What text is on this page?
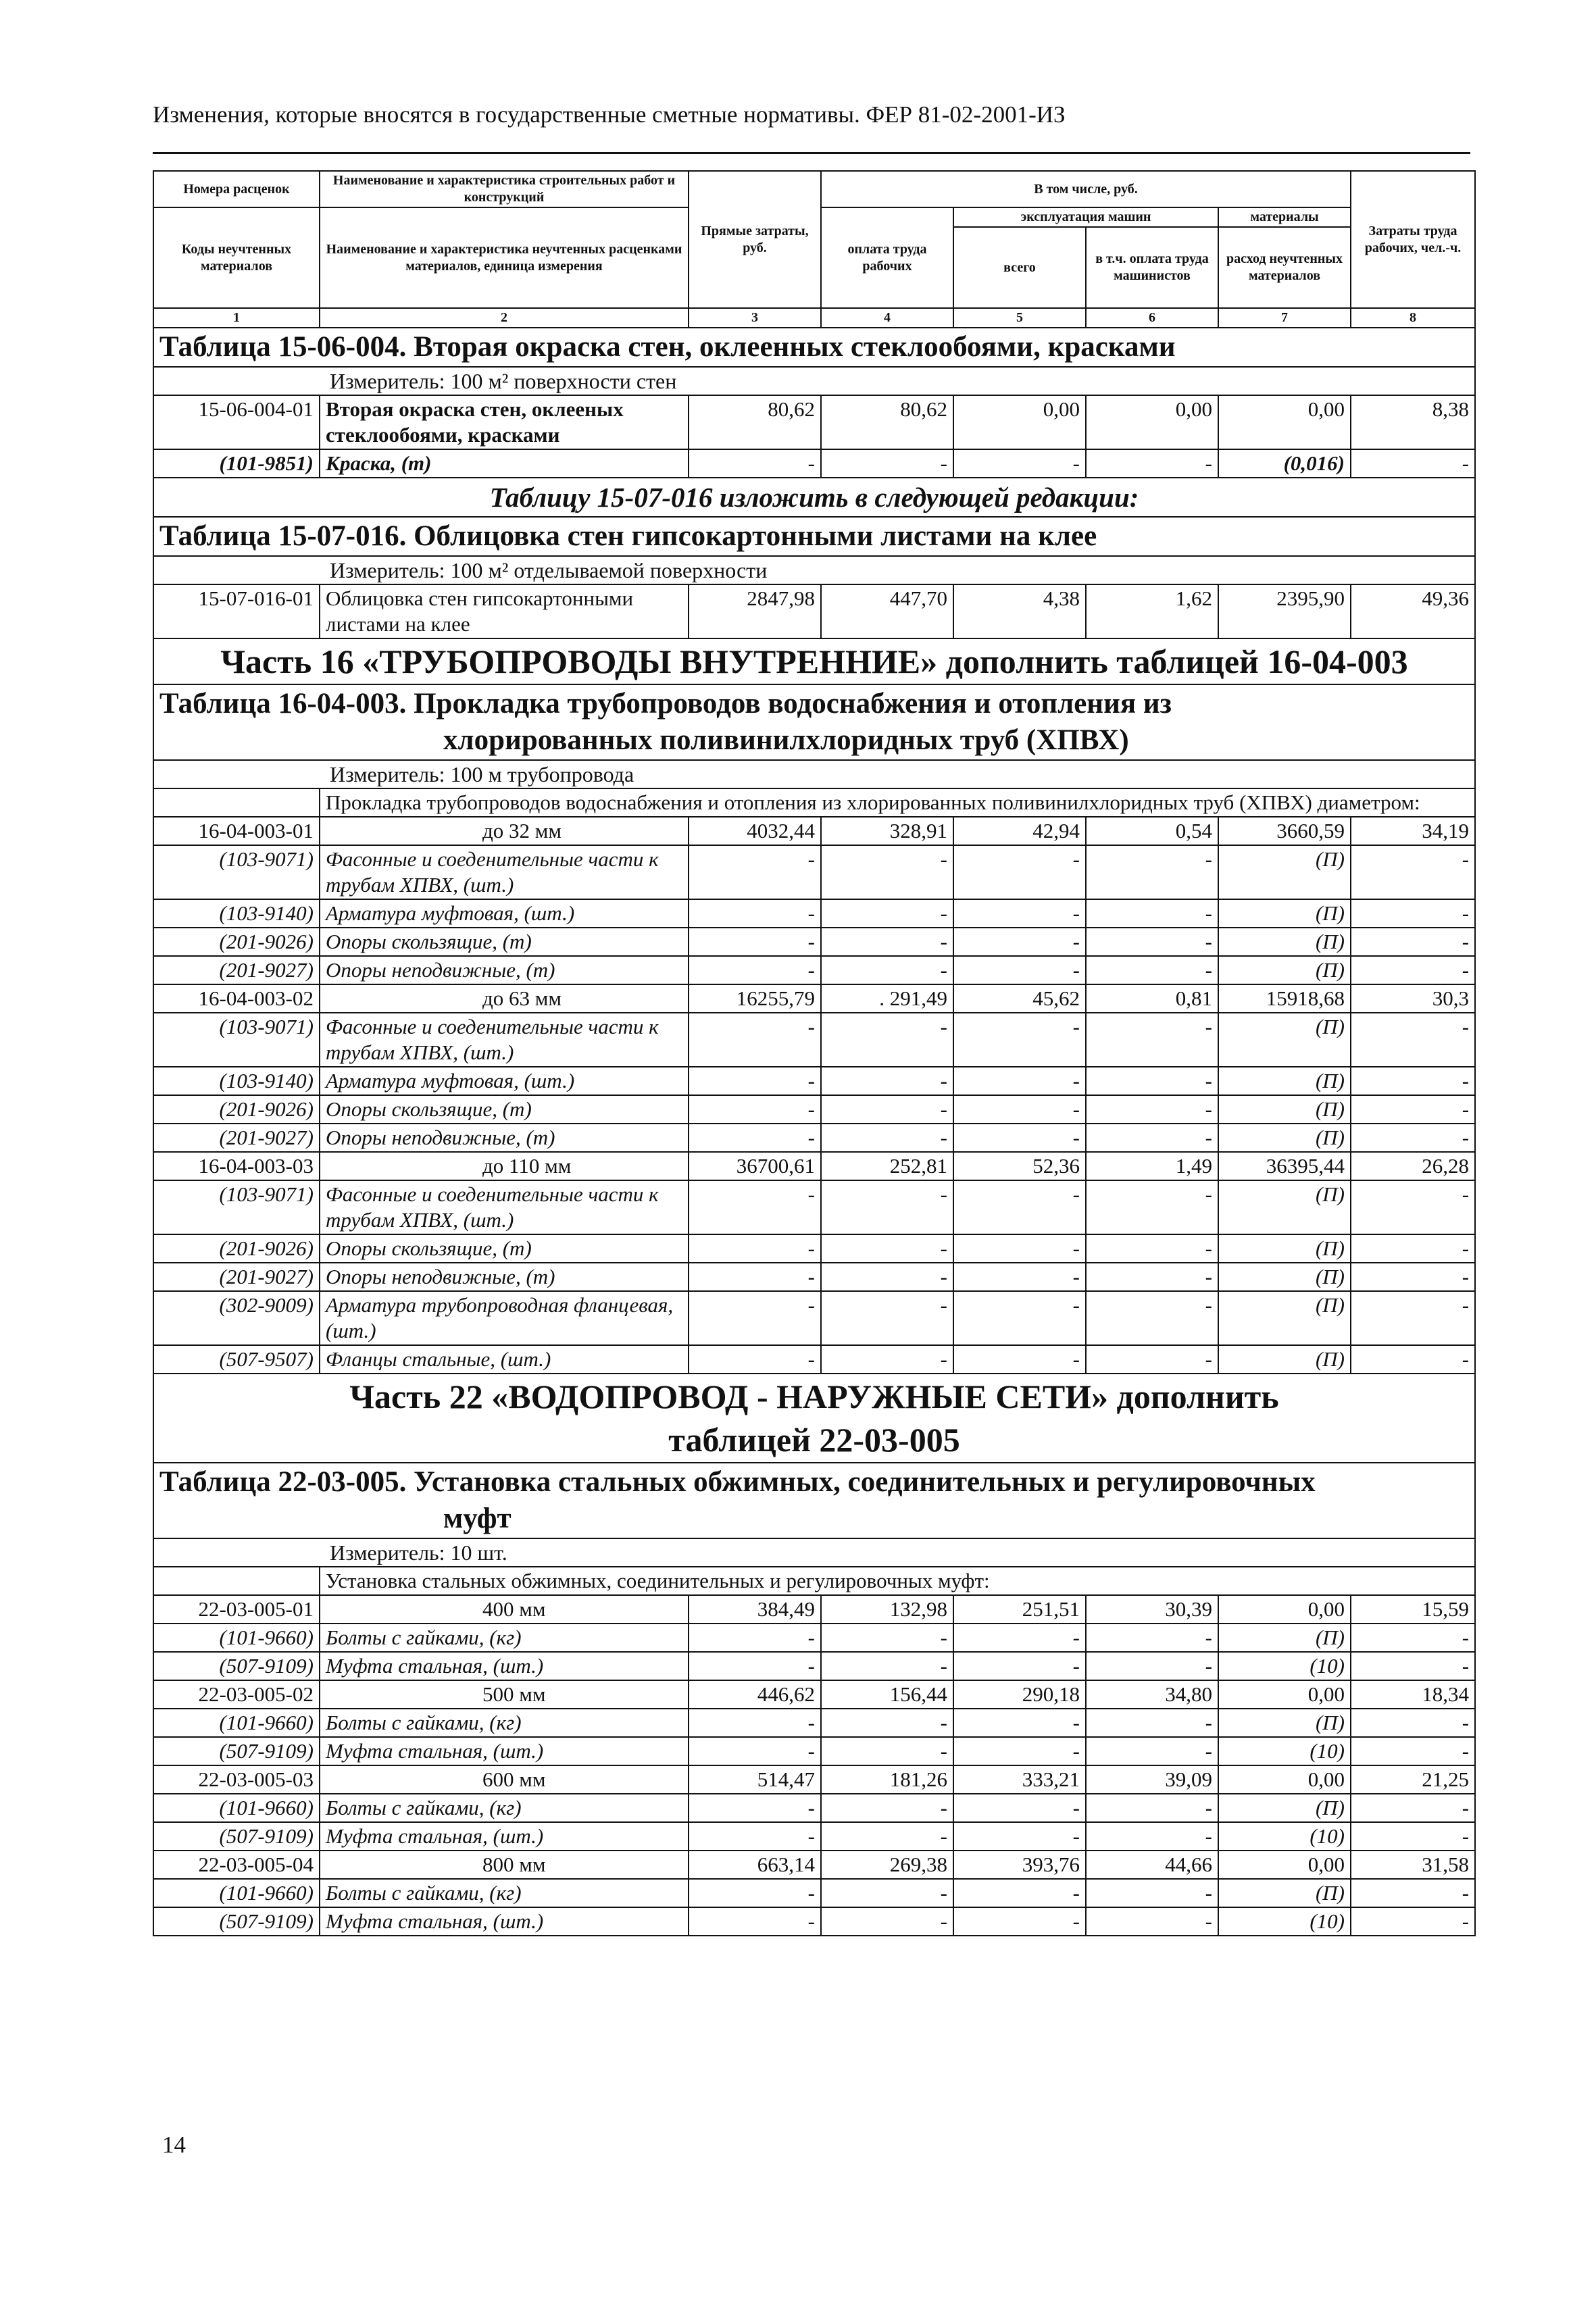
Изменения, которые вносятся в государственные сметные нормативы. ФЕР 81-02-2001-ИЗ
Номера расценок	Наименование и характеристика строительных работ и конструкций	Прямые затраты, руб.	В том числе, руб.				Затраты труда рабочих, чел.-ч.
Коды неучтенных материалов	Наименование и характеристика неучтенных расценками материалов, единица измерения		оплата труда рабочих	эксплуатация машин		материалы	
				всего	в т.ч. оплата труда машинистов	расход неучтенных материалов	
1	2	3	4	5	6	7	8
Таблица 15-06-004. Вторая окраска стен, оклеенных стеклообоями, красками							
Измеритель: 100 м² поверхности стен							
15-06-004-01	Вторая окраска стен, оклееных стеклообоями, красками	80,62	80,62	0,00	0,00	0,00	8,38
(101-9851)	Краска, (т)	-	-	-	-	(0,016)	-
Таблицу 15-07-016 изложить в следующей редакции:							
Таблица 15-07-016. Облицовка стен гипсокартонными листами на клее							
Измеритель: 100 м² отделываемой поверхности							
15-07-016-01	Облицовка стен гипсокартонными листами на клее	2847,98	447,70	4,38	1,62	2395,90	49,36
Часть 16 «ТРУБОПРОВОДЫ ВНУТРЕННИЕ» дополнить таблицей 16-04-003							

Таблица 16-04-003. Прокладка трубопроводов водоснабжения и отопления из
хлорированных поливинилхлоридных труб (ХПВХ)							

Измеритель: 100 м трубопровода							
	Прокладка трубопроводов водоснабжения и отопления из хлорированных поливинилхлоридных труб (ХПВХ) диаметром:						
16-04-003-01	до 32 мм	4032,44	328,91	42,94	0,54	3660,59	34,19
(103-9071)	Фасонные и соеденительные части к трубам ХПВХ, (шт.)	-	-	-	-	(П)	-
(103-9140)	Арматура муфтовая, (шт.)	-	-	-	-	(П)	-
(201-9026)	Опоры скользящие, (т)	-	-	-	-	(П)	-
(201-9027)	Опоры неподвижные, (т)	-	-	-	-	(П)	-
16-04-003-02	до 63 мм	16255,79	. 291,49	45,62	0,81	15918,68	30,3
(103-9071)	Фасонные и соеденительные части к трубам ХПВХ, (шт.)	-	-	-	-	(П)	-
(103-9140)	Арматура муфтовая, (шт.)	-	-	-	-	(П)	-
(201-9026)	Опоры скользящие, (т)	-	-	-	-	(П)	-
(201-9027)	Опоры неподвижные, (т)	-	-	-	-	(П)	-
16-04-003-03	до 110 мм	36700,61	252,81	52,36	1,49	36395,44	26,28
(103-9071)	Фасонные и соеденительные части к трубам ХПВХ, (шт.)	-	-	-	-	(П)	-
(201-9026)	Опоры скользящие, (т)	-	-	-	-	(П)	-
(201-9027)	Опоры неподвижные, (т)	-	-	-	-	(П)	-
(302-9009)	Арматура трубопроводная фланцевая, (шт.)	-	-	-	-	(П)	-
(507-9507)	Фланцы стальные, (шт.)	-	-	-	-	(П)	-

Часть 22 «ВОДОПРОВОД - НАРУЖНЫЕ СЕТИ» дополнить
таблицей 22-03-005							

Таблица 22-03-005. Установка стальных обжимных, соединительных и регулировочных
муфт							

Измеритель: 10 шт.							
	Установка стальных обжимных, соединительных и регулировочных муфт:						
22-03-005-01	400 мм	384,49	132,98	251,51	30,39	0,00	15,59
(101-9660)	Болты с гайками, (кг)	-	-	-	-	(П)	-
(507-9109)	Муфта стальная, (шт.)	-	-	-	-	(10)	-
22-03-005-02	500 мм	446,62	156,44	290,18	34,80	0,00	18,34
(101-9660)	Болты с гайками, (кг)	-	-	-	-	(П)	-
(507-9109)	Муфта стальная, (шт.)	-	-	-	-	(10)	-
22-03-005-03	600 мм	514,47	181,26	333,21	39,09	0,00	21,25
(101-9660)	Болты с гайками, (кг)	-	-	-	-	(П)	-
(507-9109)	Муфта стальная, (шт.)	-	-	-	-	(10)	-
22-03-005-04	800 мм	663,14	269,38	393,76	44,66	0,00	31,58
(101-9660)	Болты с гайками, (кг)	-	-	-	-	(П)	-
(507-9109)	Муфта стальная, (шт.)	-	-	-	-	(10)	-
14
